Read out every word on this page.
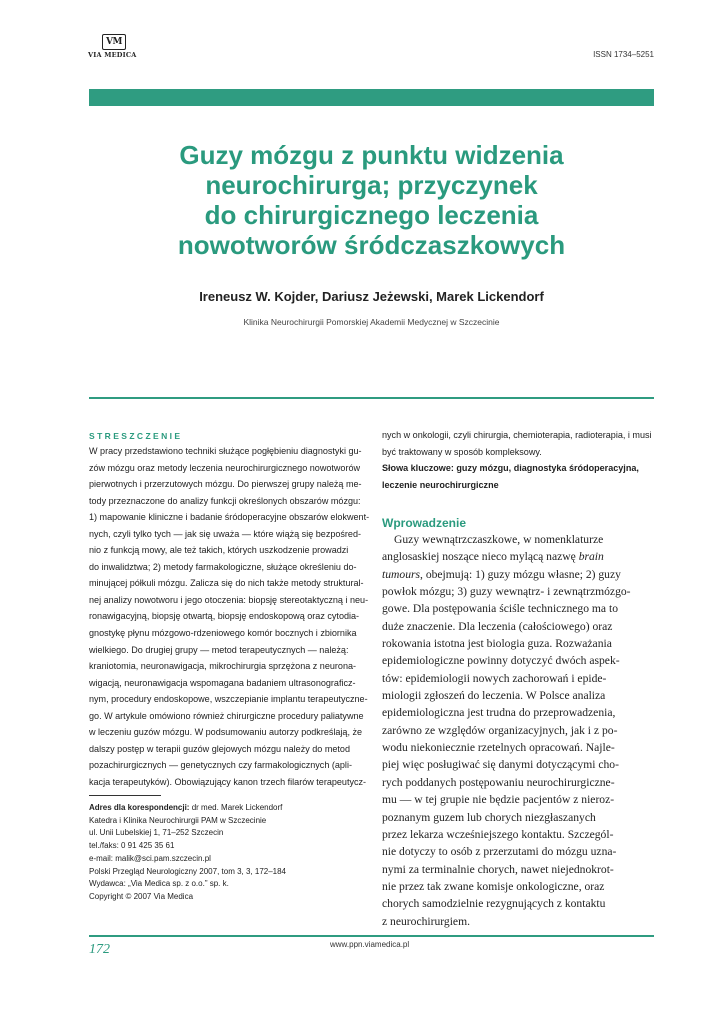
VM
VIA MEDICA	ISSN 1734–5251
Guzy mózgu z punktu widzenia
neurochirurga; przyczynek
do chirurgicznego leczenia
nowotworów śródczaszkowych
Ireneusz W. Kojder, Dariusz Jeżewski, Marek Lickendorf
Klinika Neurochirurgii Pomorskiej Akademii Medycznej w Szczecinie
STRESZCZENIE
W pracy przedstawiono techniki służące pogłębieniu diagnostyki gu-
zów mózgu oraz metody leczenia neurochirurgicznego nowotworów
pierwotnych i przerzutowych mózgu. Do pierwszej grupy należą me-
tody przeznaczone do analizy funkcji określonych obszarów mózgu:
1) mapowanie kliniczne i badanie śródoperacyjne obszarów elokwent-
nych, czyli tylko tych — jak się uważa — które wiążą się bezpośred-
nio z funkcją mowy, ale też takich, których uszkodzenie prowadzi
do inwalidztwa; 2) metody farmakologiczne, służące określeniu do-
minującej półkuli mózgu. Zalicza się do nich także metody struktural-
nej analizy nowotworu i jego otoczenia: biopsję stereotaktyczną i neu-
ronawigacyjną, biopsję otwartą, biopsję endoskopową oraz cytodia-
gnostykę płynu mózgowo-rdzeniowego komór bocznych i zbiornika
wielkiego. Do drugiej grupy — metod terapeutycznych — należą:
kraniotomia, neuronawigacja, mikrochirurgia sprzężona z neurona-
wigacją, neuronawigacja wspomagana badaniem ultrasonograficz-
nym, procedury endoskopowe, wszczepianie implantu terapeutyczne-
go. W artykule omówiono również chirurgiczne procedury paliatywne
w leczeniu guzów mózgu. W podsumowaniu autorzy podkreślają, że
dalszy postęp w terapii guzów glejowych mózgu należy do metod
pozachirurgicznych — genetycznych czy farmakologicznych (apli-
kacja terapeutyków). Obowiązujący kanon trzech filarów terapeutycz-
nych w onkologii, czyli chirurgia, chemioterapia, radioterapia, i musi
być traktowany w sposób kompleksowy.
Słowa kluczowe: guzy mózgu, diagnostyka śródoperacyjna,
leczenie neurochirurgiczne
Wprowadzenie
Guzy wewnątrzczaszkowe, w nomenklaturze
anglosaskiej noszące nieco mylącą nazwę brain
tumours, obejmują: 1) guzy mózgu własne; 2) guzy
powłok mózgu; 3) guzy wewnątrz- i zewnątrzmózgo-
gowe. Dla postępowania ściśle technicznego ma to
duże znaczenie. Dla leczenia (całościowego) oraz
rokowania istotna jest biologia guza. Rozważania
epidemiologiczne powinny dotyczyć dwóch aspek-
tów: epidemiologii nowych zachorowań i epide-
miologii zgłoszeń do leczenia. W Polsce analiza
epidemiologiczna jest trudna do przeprowadzenia,
zarówno ze względów organizacyjnych, jak i z po-
wodu niekoniecznie rzetelnych opracowań. Najle-
piej więc posługiwać się danymi dotyczącymi cho-
rych poddanych postępowaniu neurochirurgiczne-
mu — w tej grupie nie będzie pacjentów z nieroz-
poznanym guzem lub chorych niezgłaszanych
przez lekarza wcześniejszego kontaktu. Szczegól-
nie dotyczy to osób z przerzutami do mózgu uzna-
nymi za terminalnie chorych, nawet niejednokrot-
nie przez tak zwane komisje onkologiczne, oraz
chorych samodzielnie rezygnujących z kontaktu
z neurochirurgiem.
Adres dla korespondencji: dr med. Marek Lickendorf
Katedra i Klinika Neurochirurgii PAM w Szczecinie
ul. Unii Lubelskiej 1, 71–252 Szczecin
tel./faks: 0 91 425 35 61
e-mail: malik@sci.pam.szczecin.pl
Polski Przegląd Neurologiczny 2007, tom 3, 3, 172–184
Wydawca: „Via Medica sp. z o.o.” sp. k.
Copyright © 2007 Via Medica
172	www.ppn.viamedica.pl
